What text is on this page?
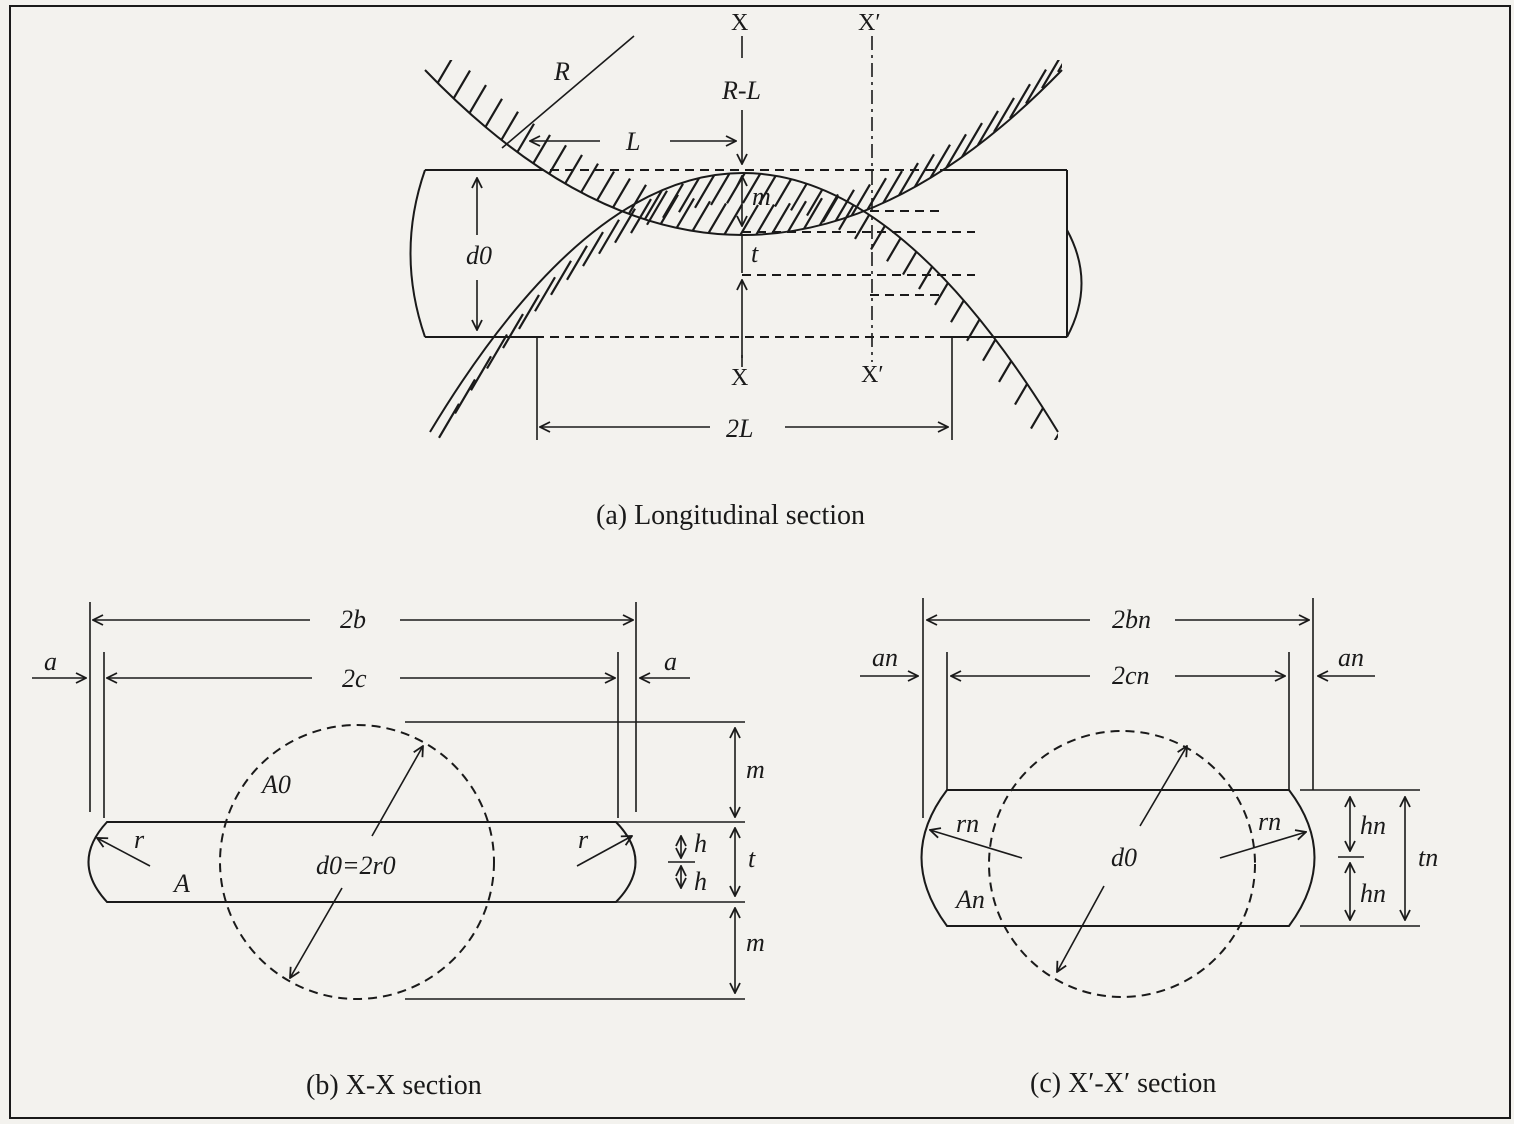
R
X	X′
R-L
L
m
t
d0
X	X′
2L
(a) Longitudinal section
2b
2c
a	a
m
t
m
h
h
A0
A
r	r
d0=2r0
(b) X-X section
2bn
2cn
an	an
rn	rn
d0
An
hn
hn
tn
(c) X′-X′ section
